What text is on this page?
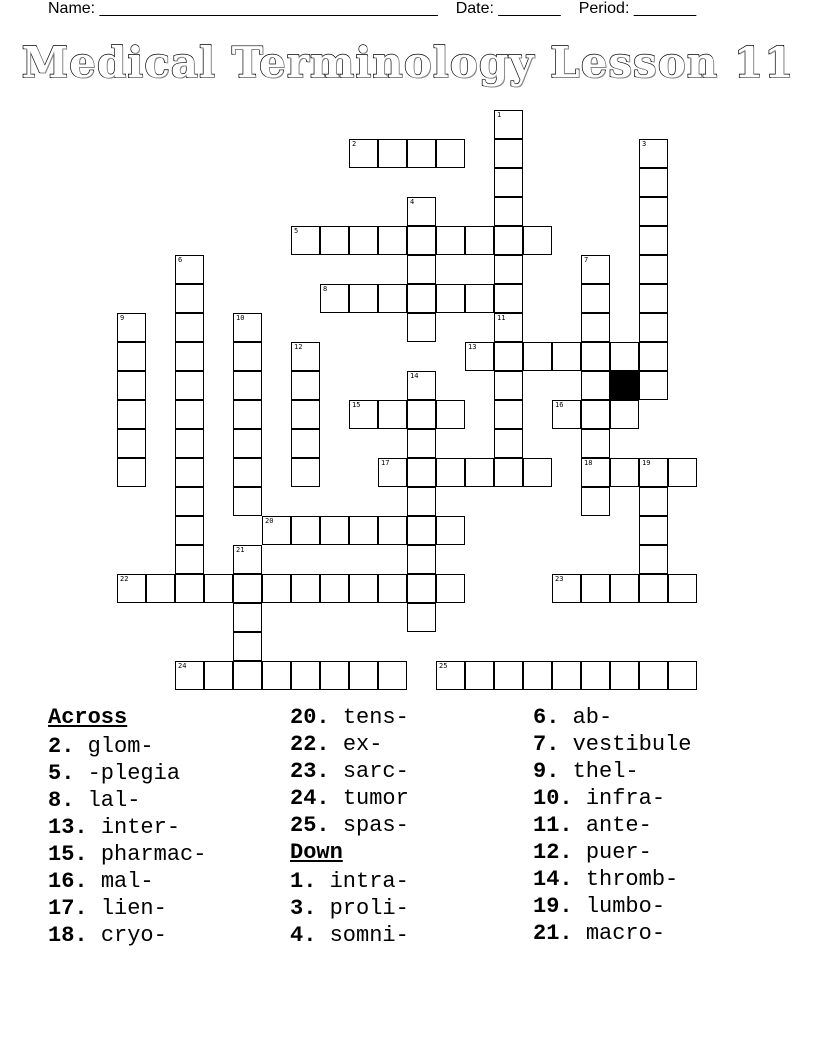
Name: ______________________________________ Date: _______ Period: _______
Medical Terminology Lesson 11
1
2	3
4
5
6	7
18
8
9	10	11
12	13
14
15	16
17	19
20
21
22	23
24	25
Across
2. glom-
5. -plegia
8. lal-
13. inter-
15. pharmac-
16. mal-
17. lien-
18. cryo-
20. tens-
22. ex-
23. sarc-
24. tumor
25. spas-
Down
1. intra-
3. proli-
4. somni-
6. ab-
7. vestibule
9. thel-
10. infra-
11. ante-
12. puer-
14. thromb-
19. lumbo-
21. macro-
